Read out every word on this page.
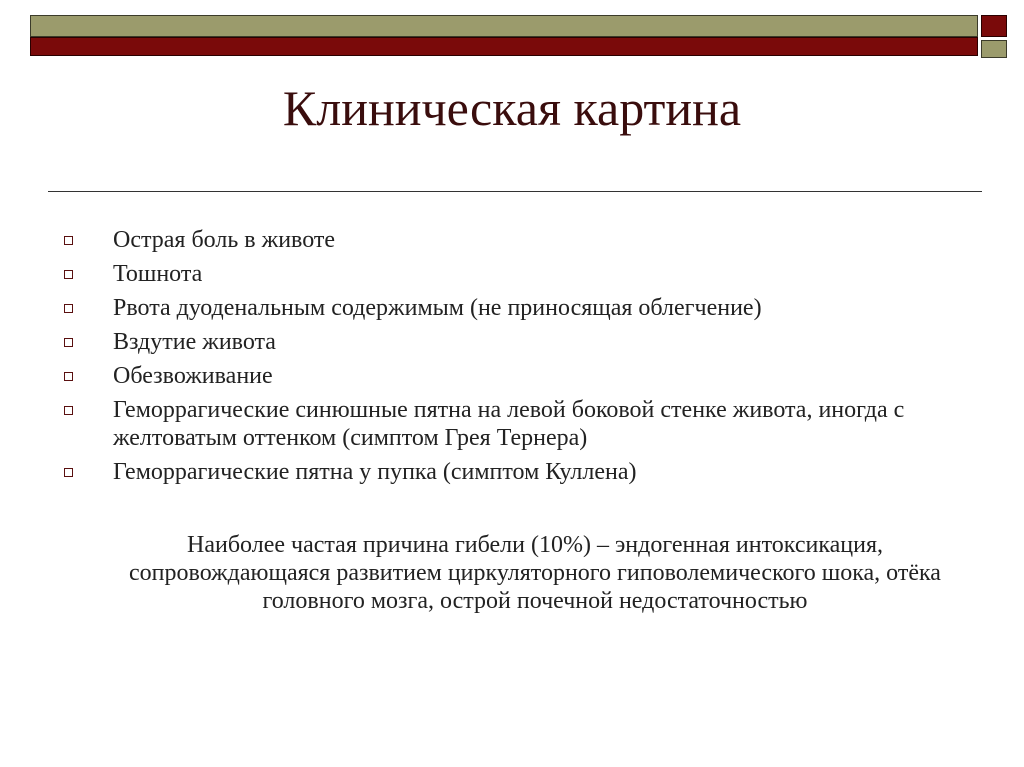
Клиническая картина
Острая боль в животе
Тошнота
Рвота дуоденальным содержимым (не приносящая облегчение)
Вздутие живота
Обезвоживание
Геморрагические синюшные пятна на левой боковой стенке живота, иногда с желтоватым оттенком (симптом Грея Тернера)
Геморрагические пятна у пупка (симптом Куллена)

Наиболее частая причина гибели (10%) – эндогенная интоксикация, сопровождающаяся развитием циркуляторного гиповолемического шока, отёка головного мозга, острой почечной недостаточностью
